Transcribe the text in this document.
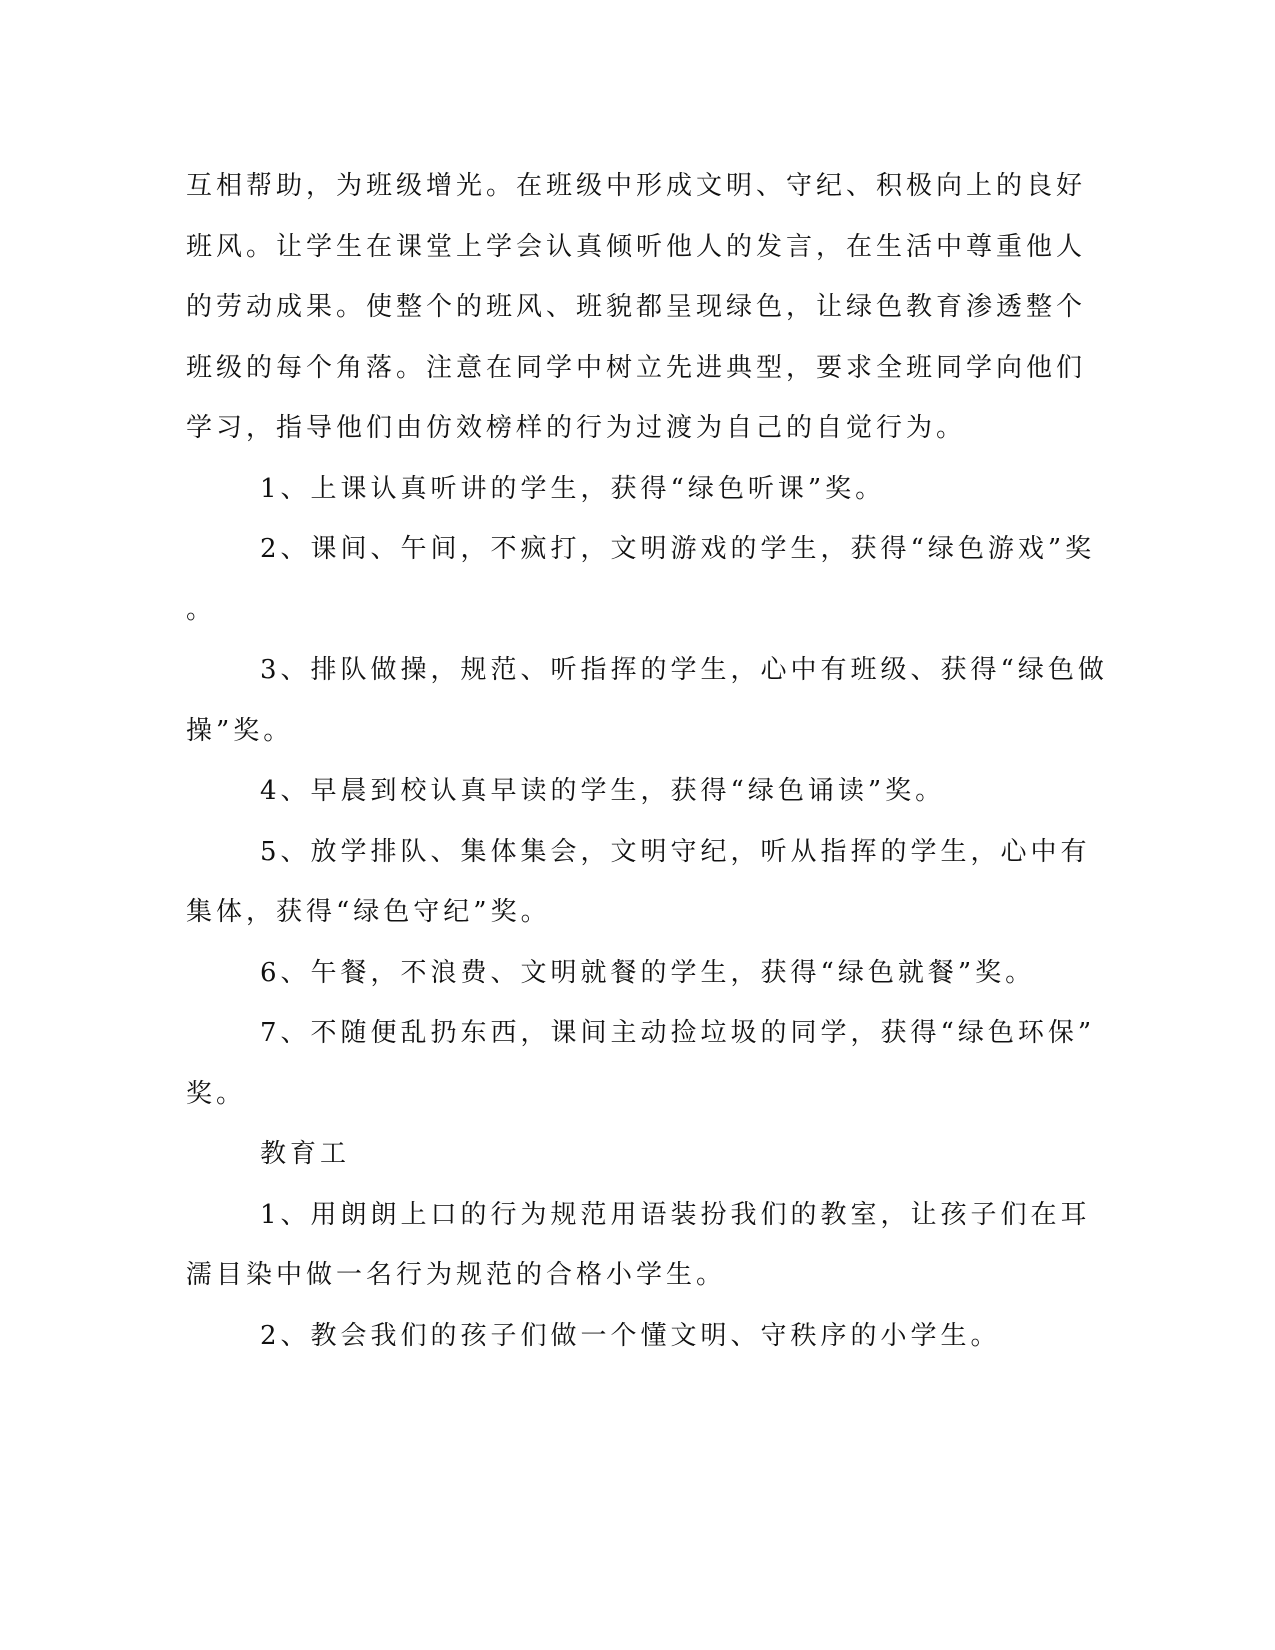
互相帮助，为班级增光。在班级中形成文明、守纪、积极向上的良好
班风。让学生在课堂上学会认真倾听他人的发言，在生活中尊重他人
的劳动成果。使整个的班风、班貌都呈现绿色，让绿色教育渗透整个
班级的每个角落。注意在同学中树立先进典型，要求全班同学向他们
学习，指导他们由仿效榜样的行为过渡为自己的自觉行为。
1、上课认真听讲的学生，获得“绿色听课”奖。
2、课间、午间，不疯打，文明游戏的学生，获得“绿色游戏”奖
。
3、排队做操，规范、听指挥的学生，心中有班级、获得“绿色做
操”奖。
4、早晨到校认真早读的学生，获得“绿色诵读”奖。
5、放学排队、集体集会，文明守纪，听从指挥的学生，心中有
集体，获得“绿色守纪”奖。
6、午餐，不浪费、文明就餐的学生，获得“绿色就餐”奖。
7、不随便乱扔东西，课间主动捡垃圾的同学，获得“绿色环保”
奖。
教育工
1、用朗朗上口的行为规范用语装扮我们的教室，让孩子们在耳
濡目染中做一名行为规范的合格小学生。
2、教会我们的孩子们做一个懂文明、守秩序的小学生。
